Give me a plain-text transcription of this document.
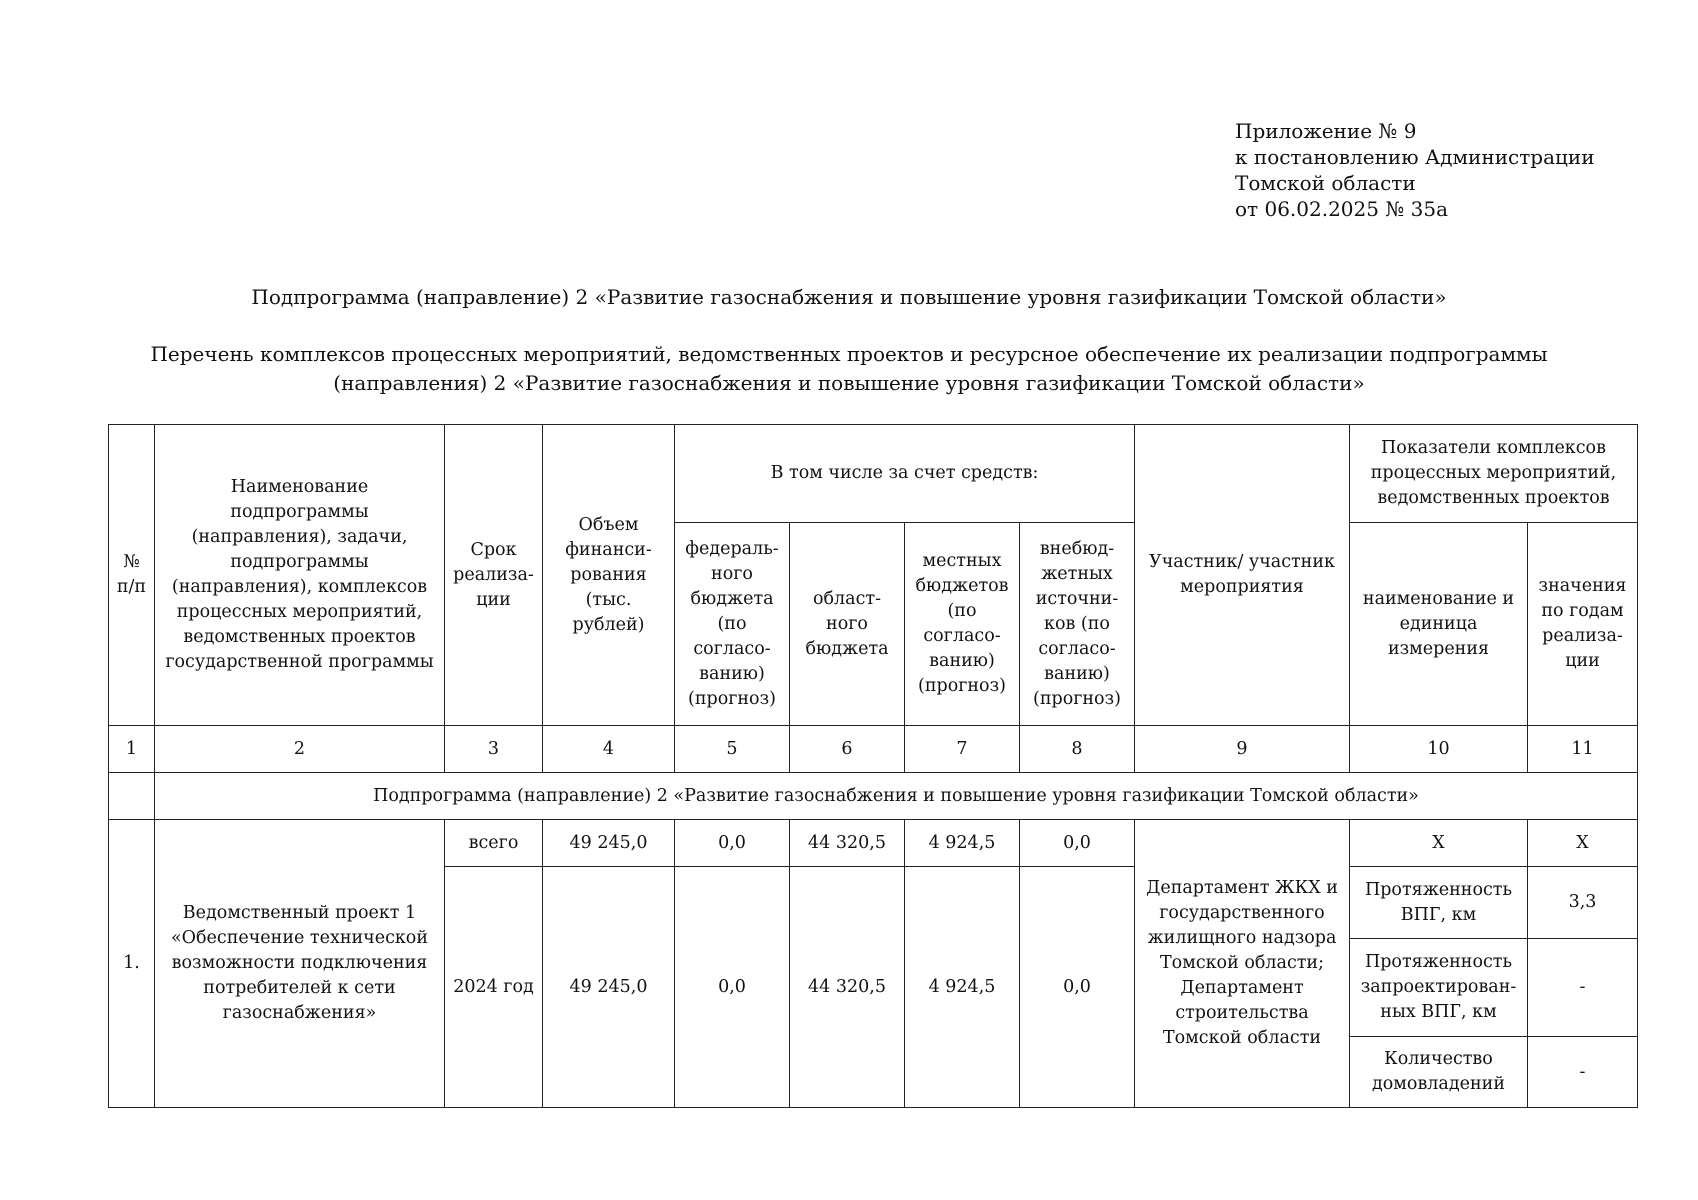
Приложение № 9
к постановлению Администрации
Томской области
от 06.02.2025 № 35а
Подпрограмма (направление) 2 «Развитие газоснабжения и повышение уровня газификации Томской области»
Перечень комплексов процессных мероприятий, ведомственных проектов и ресурсное обеспечение их реализации подпрограммы (направления) 2 «Развитие газоснабжения и повышение уровня газификации Томской области»
№ п/п	Наименование подпрограммы (направления), задачи, подпрограммы (направления), комплексов процессных мероприятий, ведомственных проектов государственной программы	Срок реализа-ции	Объем финанси-рования (тыс. рублей)	В том числе за счет средств:				Участник/ участник мероприятия	Показатели комплексов процессных мероприятий, ведомственных проектов	
				федераль-ного бюджета (по согласо-ванию) (прогноз)	област-ного бюджета	местных бюджетов (по согласо-ванию) (прогноз)	внебюд-жетных источни-ков (по согласо-ванию) (прогноз)		наименование и единица измерения	значения по годам реализа-ции
1	2	3	4	5	6	7	8	9	10	11
	Подпрограмма (направление) 2 «Развитие газоснабжения и повышение уровня газификации Томской области»									
1.	Ведомственный проект 1 «Обеспечение технической возможности подключения потребителей к сети газоснабжения»	всего	49 245,0	0,0	44 320,5	4 924,5	0,0	Департамент ЖКХ и государственного жилищного надзора Томской области; Департамент строительства Томской области	Х	Х
		2024 год	49 245,0	0,0	44 320,5	4 924,5	0,0		Протяженность ВПГ, км	3,3
									Протяженность запроектирован-ных ВПГ, км	-
									Количество домовладений	-
